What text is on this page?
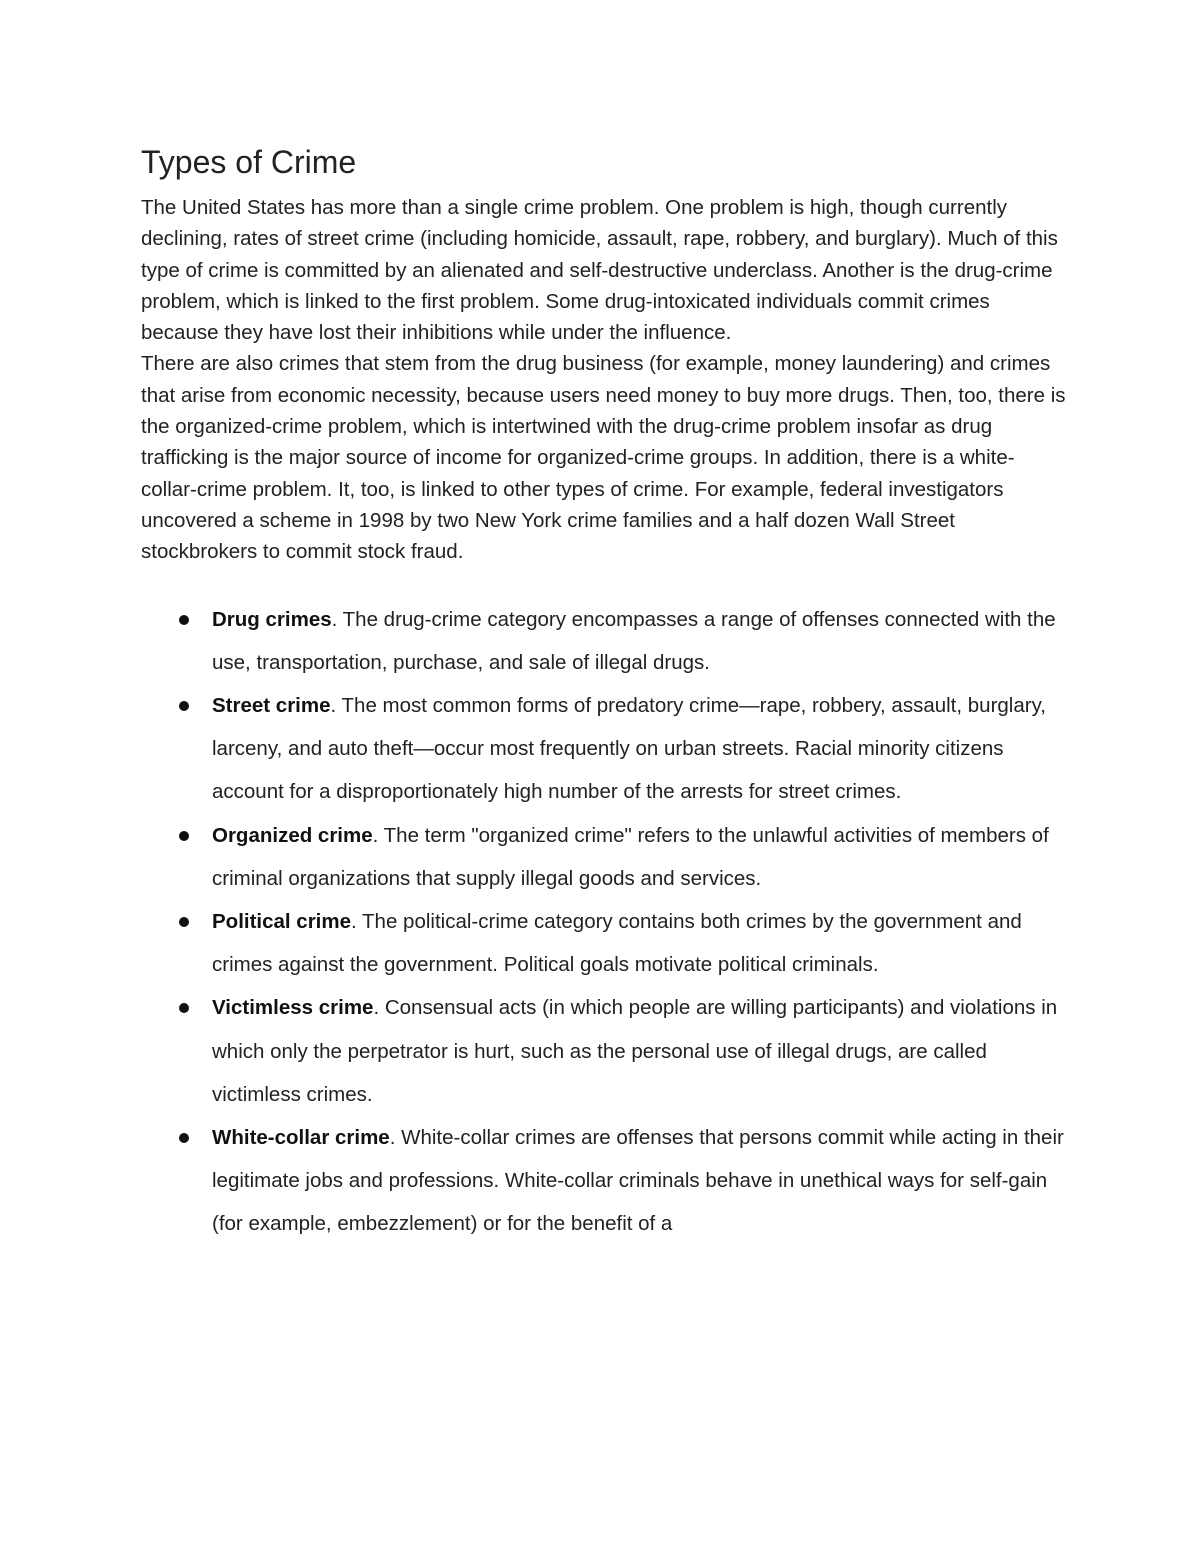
Types of Crime

The United States has more than a single crime problem. One problem is high, though currently declining, rates of street crime (including homicide, assault, rape, robbery, and burglary). Much of this type of crime is committed by an alienated and self-destructive underclass. Another is the drug-crime problem, which is linked to the first problem. Some drug-intoxicated individuals commit crimes because they have lost their inhibitions while under the influence.

There are also crimes that stem from the drug business (for example, money laundering) and crimes that arise from economic necessity, because users need money to buy more drugs. Then, too, there is the organized-crime problem, which is intertwined with the drug-crime problem insofar as drug trafficking is the major source of income for organized-crime groups. In addition, there is a white-collar-crime problem. It, too, is linked to other types of crime. For example, federal investigators uncovered a scheme in 1998 by two New York crime families and a half dozen Wall Street stockbrokers to commit stock fraud.

Drug crimes. The drug-crime category encompasses a range of offenses connected with the use, transportation, purchase, and sale of illegal drugs.
Street crime. The most common forms of predatory crime—rape, robbery, assault, burglary, larceny, and auto theft—occur most frequently on urban streets. Racial minority citizens account for a disproportionately high number of the arrests for street crimes.
Organized crime. The term "organized crime" refers to the unlawful activities of members of criminal organizations that supply illegal goods and services.
Political crime. The political-crime category contains both crimes by the government and crimes against the government. Political goals motivate political criminals.
Victimless crime. Consensual acts (in which people are willing participants) and violations in which only the perpetrator is hurt, such as the personal use of illegal drugs, are called victimless crimes.
White-collar crime. White-collar crimes are offenses that persons commit while acting in their legitimate jobs and professions. White-collar criminals behave in unethical ways for self-gain (for example, embezzlement) or for the benefit of a
